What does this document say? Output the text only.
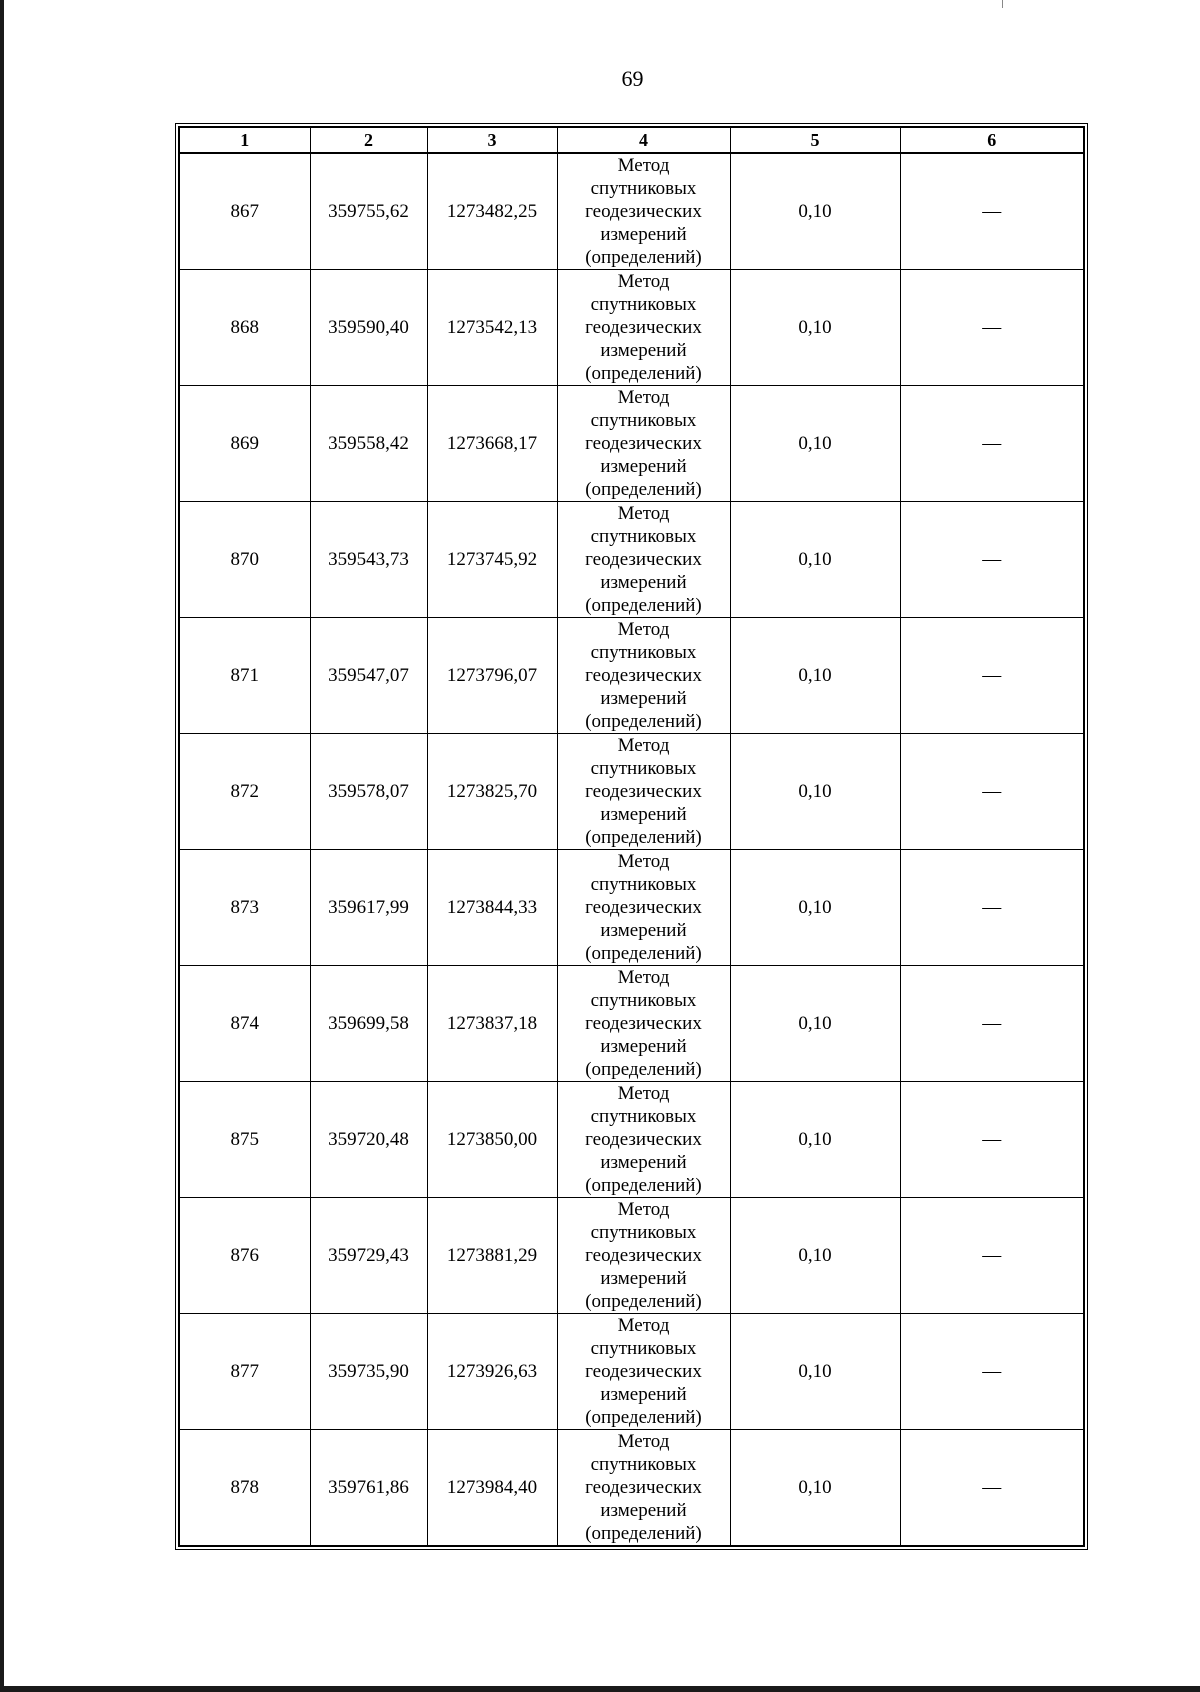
69
1	2	3	4	5	6
867	359755,62	1273482,25	Метод
спутниковых
геодезических
измерений
(определений)	0,10	—
868	359590,40	1273542,13	Метод
спутниковых
геодезических
измерений
(определений)	0,10	—
869	359558,42	1273668,17	Метод
спутниковых
геодезических
измерений
(определений)	0,10	—
870	359543,73	1273745,92	Метод
спутниковых
геодезических
измерений
(определений)	0,10	—
871	359547,07	1273796,07	Метод
спутниковых
геодезических
измерений
(определений)	0,10	—
872	359578,07	1273825,70	Метод
спутниковых
геодезических
измерений
(определений)	0,10	—
873	359617,99	1273844,33	Метод
спутниковых
геодезических
измерений
(определений)	0,10	—
874	359699,58	1273837,18	Метод
спутниковых
геодезических
измерений
(определений)	0,10	—
875	359720,48	1273850,00	Метод
спутниковых
геодезических
измерений
(определений)	0,10	—
876	359729,43	1273881,29	Метод
спутниковых
геодезических
измерений
(определений)	0,10	—
877	359735,90	1273926,63	Метод
спутниковых
геодезических
измерений
(определений)	0,10	—
878	359761,86	1273984,40	Метод
спутниковых
геодезических
измерений
(определений)	0,10	—
